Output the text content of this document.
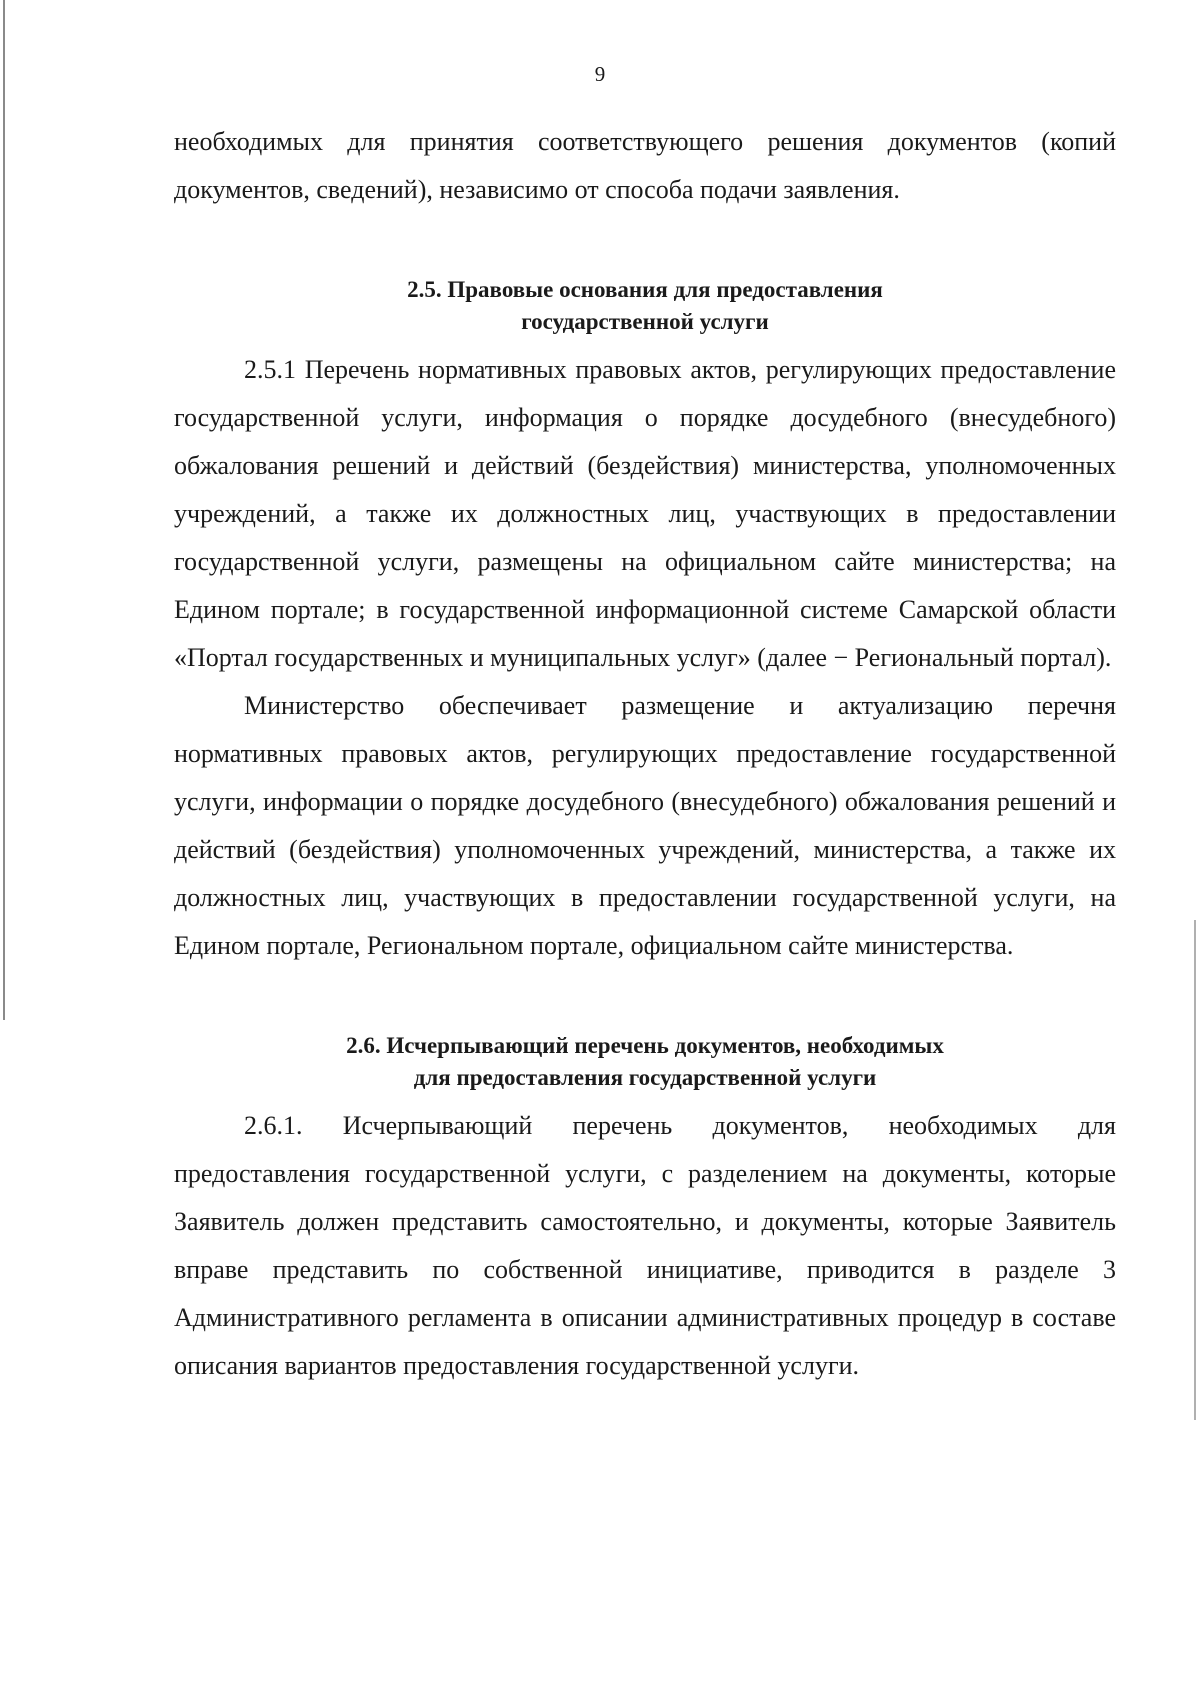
9

необходимых для принятия соответствующего решения документов (копий документов, сведений), независимо от способа подачи заявления.

2.5. Правовые основания для предоставления
государственной услуги

2.5.1 Перечень нормативных правовых актов, регулирующих предоставление государственной услуги, информация о порядке досудебного (внесудебного) обжалования решений и действий (бездействия) министерства, уполномоченных учреждений, а также их должностных лиц, участвующих в предоставлении государственной услуги, размещены на официальном сайте министерства; на Едином портале; в государственной информационной системе Самарской области «Портал государственных и муниципальных услуг» (далее − Региональный портал).

Министерство обеспечивает размещение и актуализацию перечня нормативных правовых актов, регулирующих предоставление государственной услуги, информации о порядке досудебного (внесудебного) обжалования решений и действий (бездействия) уполномоченных учреждений, министерства, а также их должностных лиц, участвующих в предоставлении государственной услуги, на Едином портале, Региональном портале, официальном сайте министерства.

2.6. Исчерпывающий перечень документов, необходимых
для предоставления государственной услуги

2.6.1. Исчерпывающий перечень документов, необходимых для предоставления государственной услуги, с разделением на документы, которые Заявитель должен представить самостоятельно, и документы, которые Заявитель вправе представить по собственной инициативе, приводится в разделе 3 Административного регламента в описании административных процедур в составе описания вариантов предоставления государственной услуги.
